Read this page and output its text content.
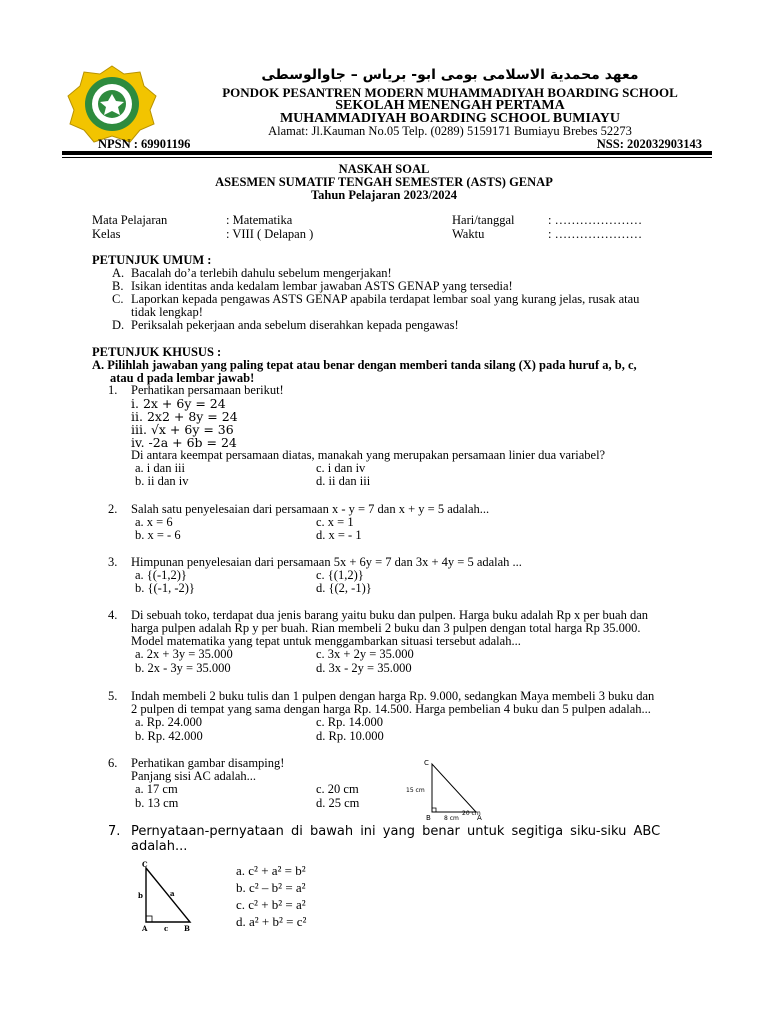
معهد محمدية الاسلامى بومى ابو- برياس – جاوالوسطى
PONDOK PESANTREN MODERN MUHAMMADIYAH BOARDING SCHOOL
SEKOLAH MENENGAH PERTAMA
MUHAMMADIYAH BOARDING SCHOOL BUMIAYU
Alamat: Jl.Kauman No.05 Telp. (0289) 5159171 Bumiayu Brebes 52273
NPSN : 69901196	NSS: 202032903143
NASKAH SOAL
ASESMEN SUMATIF TENGAH SEMESTER (ASTS) GENAP
Tahun Pelajaran 2023/2024
Mata Pelajaran	: Matematika
Kelas	: VIII ( Delapan )
Hari/tanggal	: …………………
Waktu	: …………………
PETUNJUK UMUM :
A. Bacalah do’a terlebih dahulu sebelum mengerjakan!
B. Isikan identitas anda kedalam lembar jawaban ASTS GENAP yang tersedia!
C. Laporkan kepada pengawas ASTS GENAP apabila terdapat lembar soal yang kurang jelas, rusak atau
tidak lengkap!
D. Periksalah pekerjaan anda sebelum diserahkan kepada pengawas!
PETUNJUK KHUSUS :
A. Pilihlah jawaban yang paling tepat atau benar dengan memberi tanda silang (X) pada huruf a, b, c,
atau d pada lembar jawab!
1.	Perhatikan persamaan berikut!
i. 2x + 6y = 24
ii. 2x2 + 8y = 24
iii. √x + 6y = 36
iv. -2a + 6b = 24
Di antara keempat persamaan diatas, manakah yang merupakan persamaan linier dua variabel?
a. i dan iii
b. ii dan iv
c. i dan iv
d. ii dan iii
2.	Salah satu penyelesaian dari persamaan x - y = 7 dan x + y = 5 adalah...
a. x = 6
b. x = - 6
c. x = 1
d. x = - 1
3.	Himpunan penyelesaian dari persamaan 5x + 6y = 7 dan 3x + 4y = 5 adalah ...
a. {(-1,2)}
b. {(-1, -2)}
c. {(1,2)}
d. {(2, -1)}
4.	Di sebuah toko, terdapat dua jenis barang yaitu buku dan pulpen. Harga buku adalah Rp x per buah dan
harga pulpen adalah Rp y per buah. Rian membeli 2 buku dan 3 pulpen dengan total harga Rp 35.000.
Model matematika yang tepat untuk menggambarkan situasi tersebut adalah...
a. 2x + 3y = 35.000
b. 2x - 3y = 35.000
c. 3x + 2y = 35.000
d. 3x - 2y = 35.000
5.	Indah membeli 2 buku tulis dan 1 pulpen dengan harga Rp. 9.000, sedangkan Maya membeli 3 buku dan
2 pulpen di tempat yang sama dengan harga Rp. 14.500. Harga pembelian 4 buku dan 5 pulpen adalah...
a. Rp. 24.000
b. Rp. 42.000
c. Rp. 14.000
d. Rp. 10.000
6.	Perhatikan gambar disamping!
Panjang sisi AC adalah...
a. 17 cm
b. 13 cm
c. 20 cm
d. 25 cm
C
B	A
15 cm
8 cm
20 cm
7. Pernyataan-pernyataan di bawah ini yang benar untuk segitiga siku-siku ABC
adalah...
C
A	B
b	a
c
a. c² + a² = b²
b. c² – b² = a²
c. c² + b² = a²
d. a² + b² = c²
